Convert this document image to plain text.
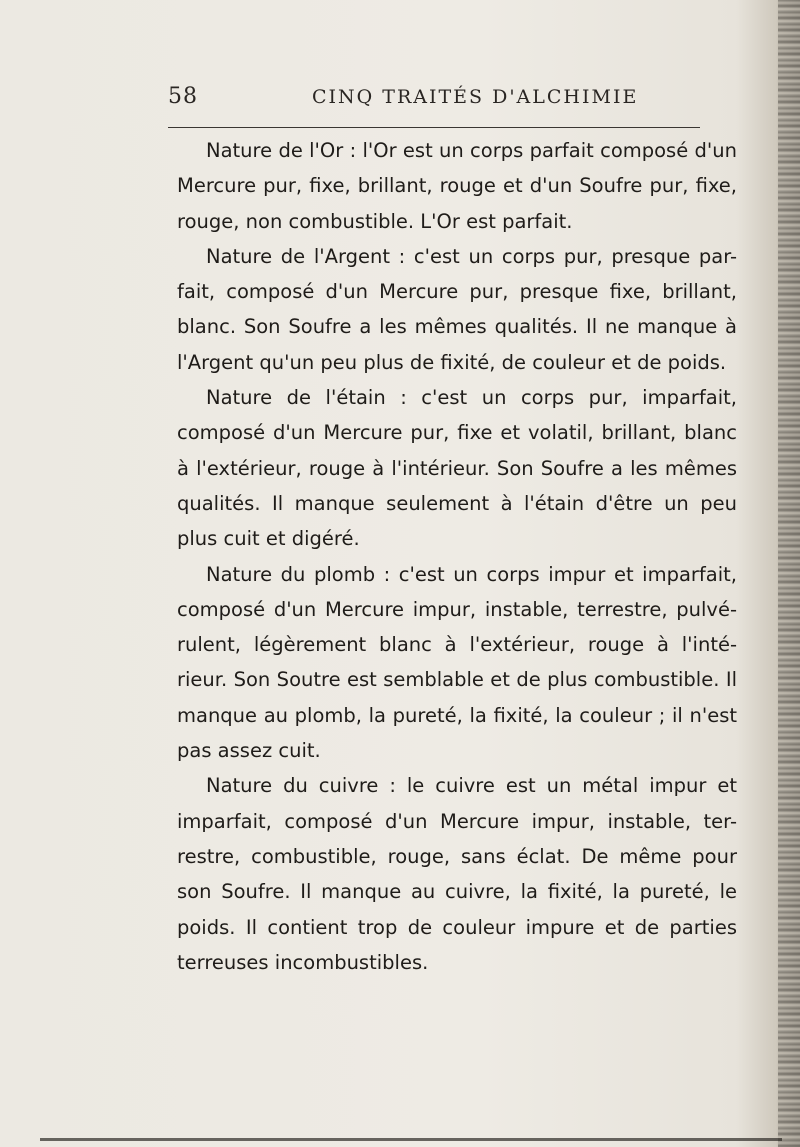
58	CINQ TRAITÉS D'ALCHIMIE

Nature de l'Or : l'Or est un corps parfait composé d'un Mercure pur, fixe, brillant, rouge et d'un Soufre pur, fixe, rouge, non combustible. L'Or est parfait.

Nature de l'Argent : c'est un corps pur, presque par-fait, composé d'un Mercure pur, presque fixe, brillant, blanc. Son Soufre a les mêmes qualités. Il ne manque à l'Argent qu'un peu plus de fixité, de couleur et de poids.

Nature de l'étain : c'est un corps pur, imparfait, composé d'un Mercure pur, fixe et volatil, brillant, blanc à l'extérieur, rouge à l'intérieur. Son Soufre a les mêmes qualités. Il manque seulement à l'étain d'être un peu plus cuit et digéré.

Nature du plomb : c'est un corps impur et imparfait, composé d'un Mercure impur, instable, terrestre, pulvé-rulent, légèrement blanc à l'extérieur, rouge à l'inté-rieur. Son Soutre est semblable et de plus combustible. Il manque au plomb, la pureté, la fixité, la couleur ; il n'est pas assez cuit.

Nature du cuivre : le cuivre est un métal impur et imparfait, composé d'un Mercure impur, instable, ter-restre, combustible, rouge, sans éclat. De même pour son Soufre. Il manque au cuivre, la fixité, la pureté, le poids. Il contient trop de couleur impure et de parties terreuses incombustibles.
